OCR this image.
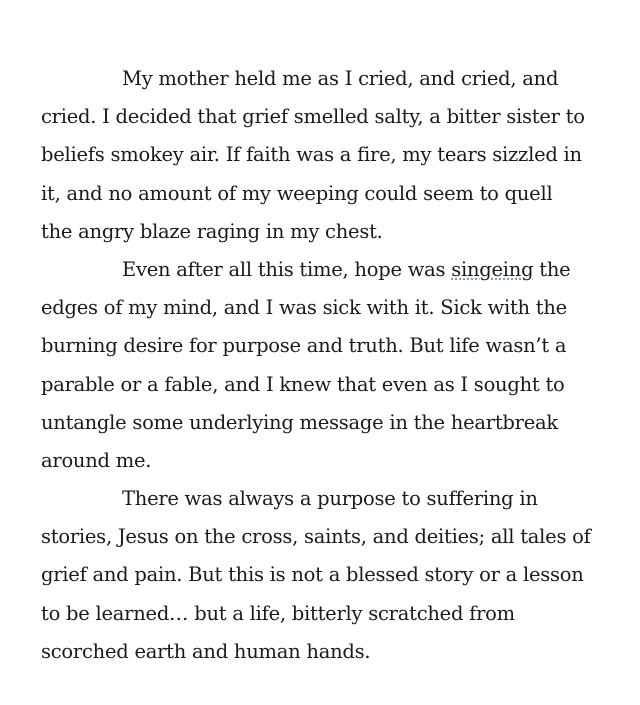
My mother held me as I cried, and cried, and
cried. I decided that grief smelled salty, a bitter sister to
beliefs smokey air. If faith was a fire, my tears sizzled in
it, and no amount of my weeping could seem to quell
the angry blaze raging in my chest.
Even after all this time, hope was singeing the
edges of my mind, and I was sick with it. Sick with the
burning desire for purpose and truth. But life wasn’t a
parable or a fable, and I knew that even as I sought to
untangle some underlying message in the heartbreak
around me.
There was always a purpose to suffering in
stories, Jesus on the cross, saints, and deities; all tales of
grief and pain. But this is not a blessed story or a lesson
to be learned… but a life, bitterly scratched from
scorched earth and human hands.
